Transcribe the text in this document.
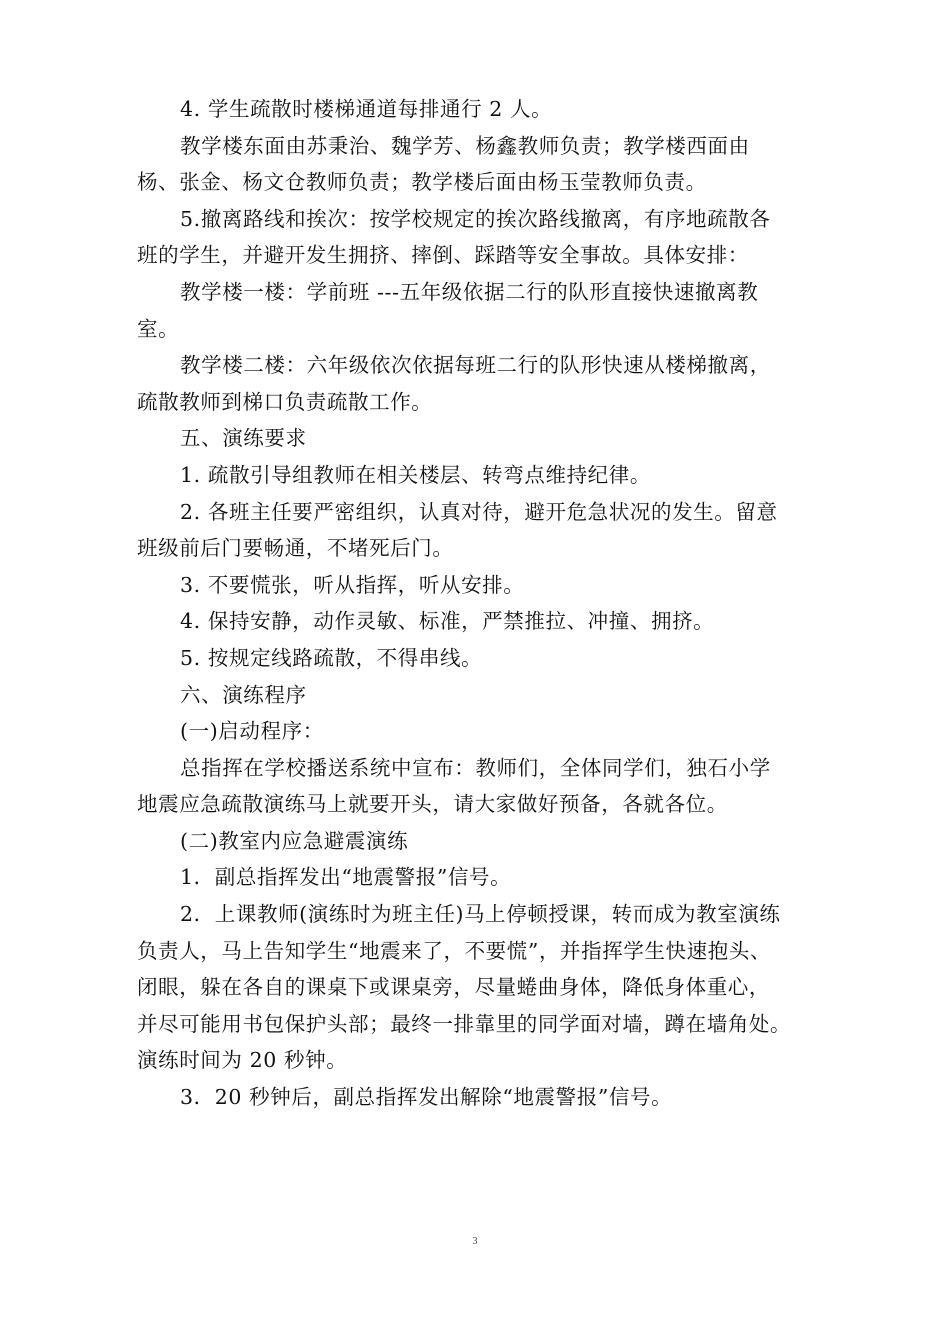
4. 学生疏散时楼梯通道每排通行 2 人。
教学楼东面由苏秉治、魏学芳、杨鑫教师负责；教学楼西面由
杨、张金、杨文仓教师负责；教学楼后面由杨玉莹教师负责。
5.撤离路线和挨次：按学校规定的挨次路线撤离，有序地疏散各
班的学生，并避开发生拥挤、摔倒、踩踏等安全事故。具体安排：
教学楼一楼：学前班 ---五年级依据二行的队形直接快速撤离教
室。
教学楼二楼：六年级依次依据每班二行的队形快速从楼梯撤离，
疏散教师到梯口负责疏散工作。
五、演练要求
1. 疏散引导组教师在相关楼层、转弯点维持纪律。
2. 各班主任要严密组织，认真对待，避开危急状况的发生。留意
班级前后门要畅通，不堵死后门。
3. 不要慌张，听从指挥，听从安排。
4. 保持安静，动作灵敏、标准，严禁推拉、冲撞、拥挤。
5. 按规定线路疏散，不得串线。
六、演练程序
(一)启动程序：
总指挥在学校播送系统中宣布：教师们，全体同学们，独石小学
地震应急疏散演练马上就要开头，请大家做好预备，各就各位。
(二)教室内应急避震演练
1．副总指挥发出“地震警报”信号。
2．上课教师(演练时为班主任)马上停顿授课，转而成为教室演练
负责人，马上告知学生“地震来了，不要慌”，并指挥学生快速抱头、
闭眼，躲在各自的课桌下或课桌旁，尽量蜷曲身体，降低身体重心，
并尽可能用书包保护头部；最终一排靠里的同学面对墙，蹲在墙角处。
演练时间为 20 秒钟。
3．20 秒钟后，副总指挥发出解除“地震警报”信号。
3
